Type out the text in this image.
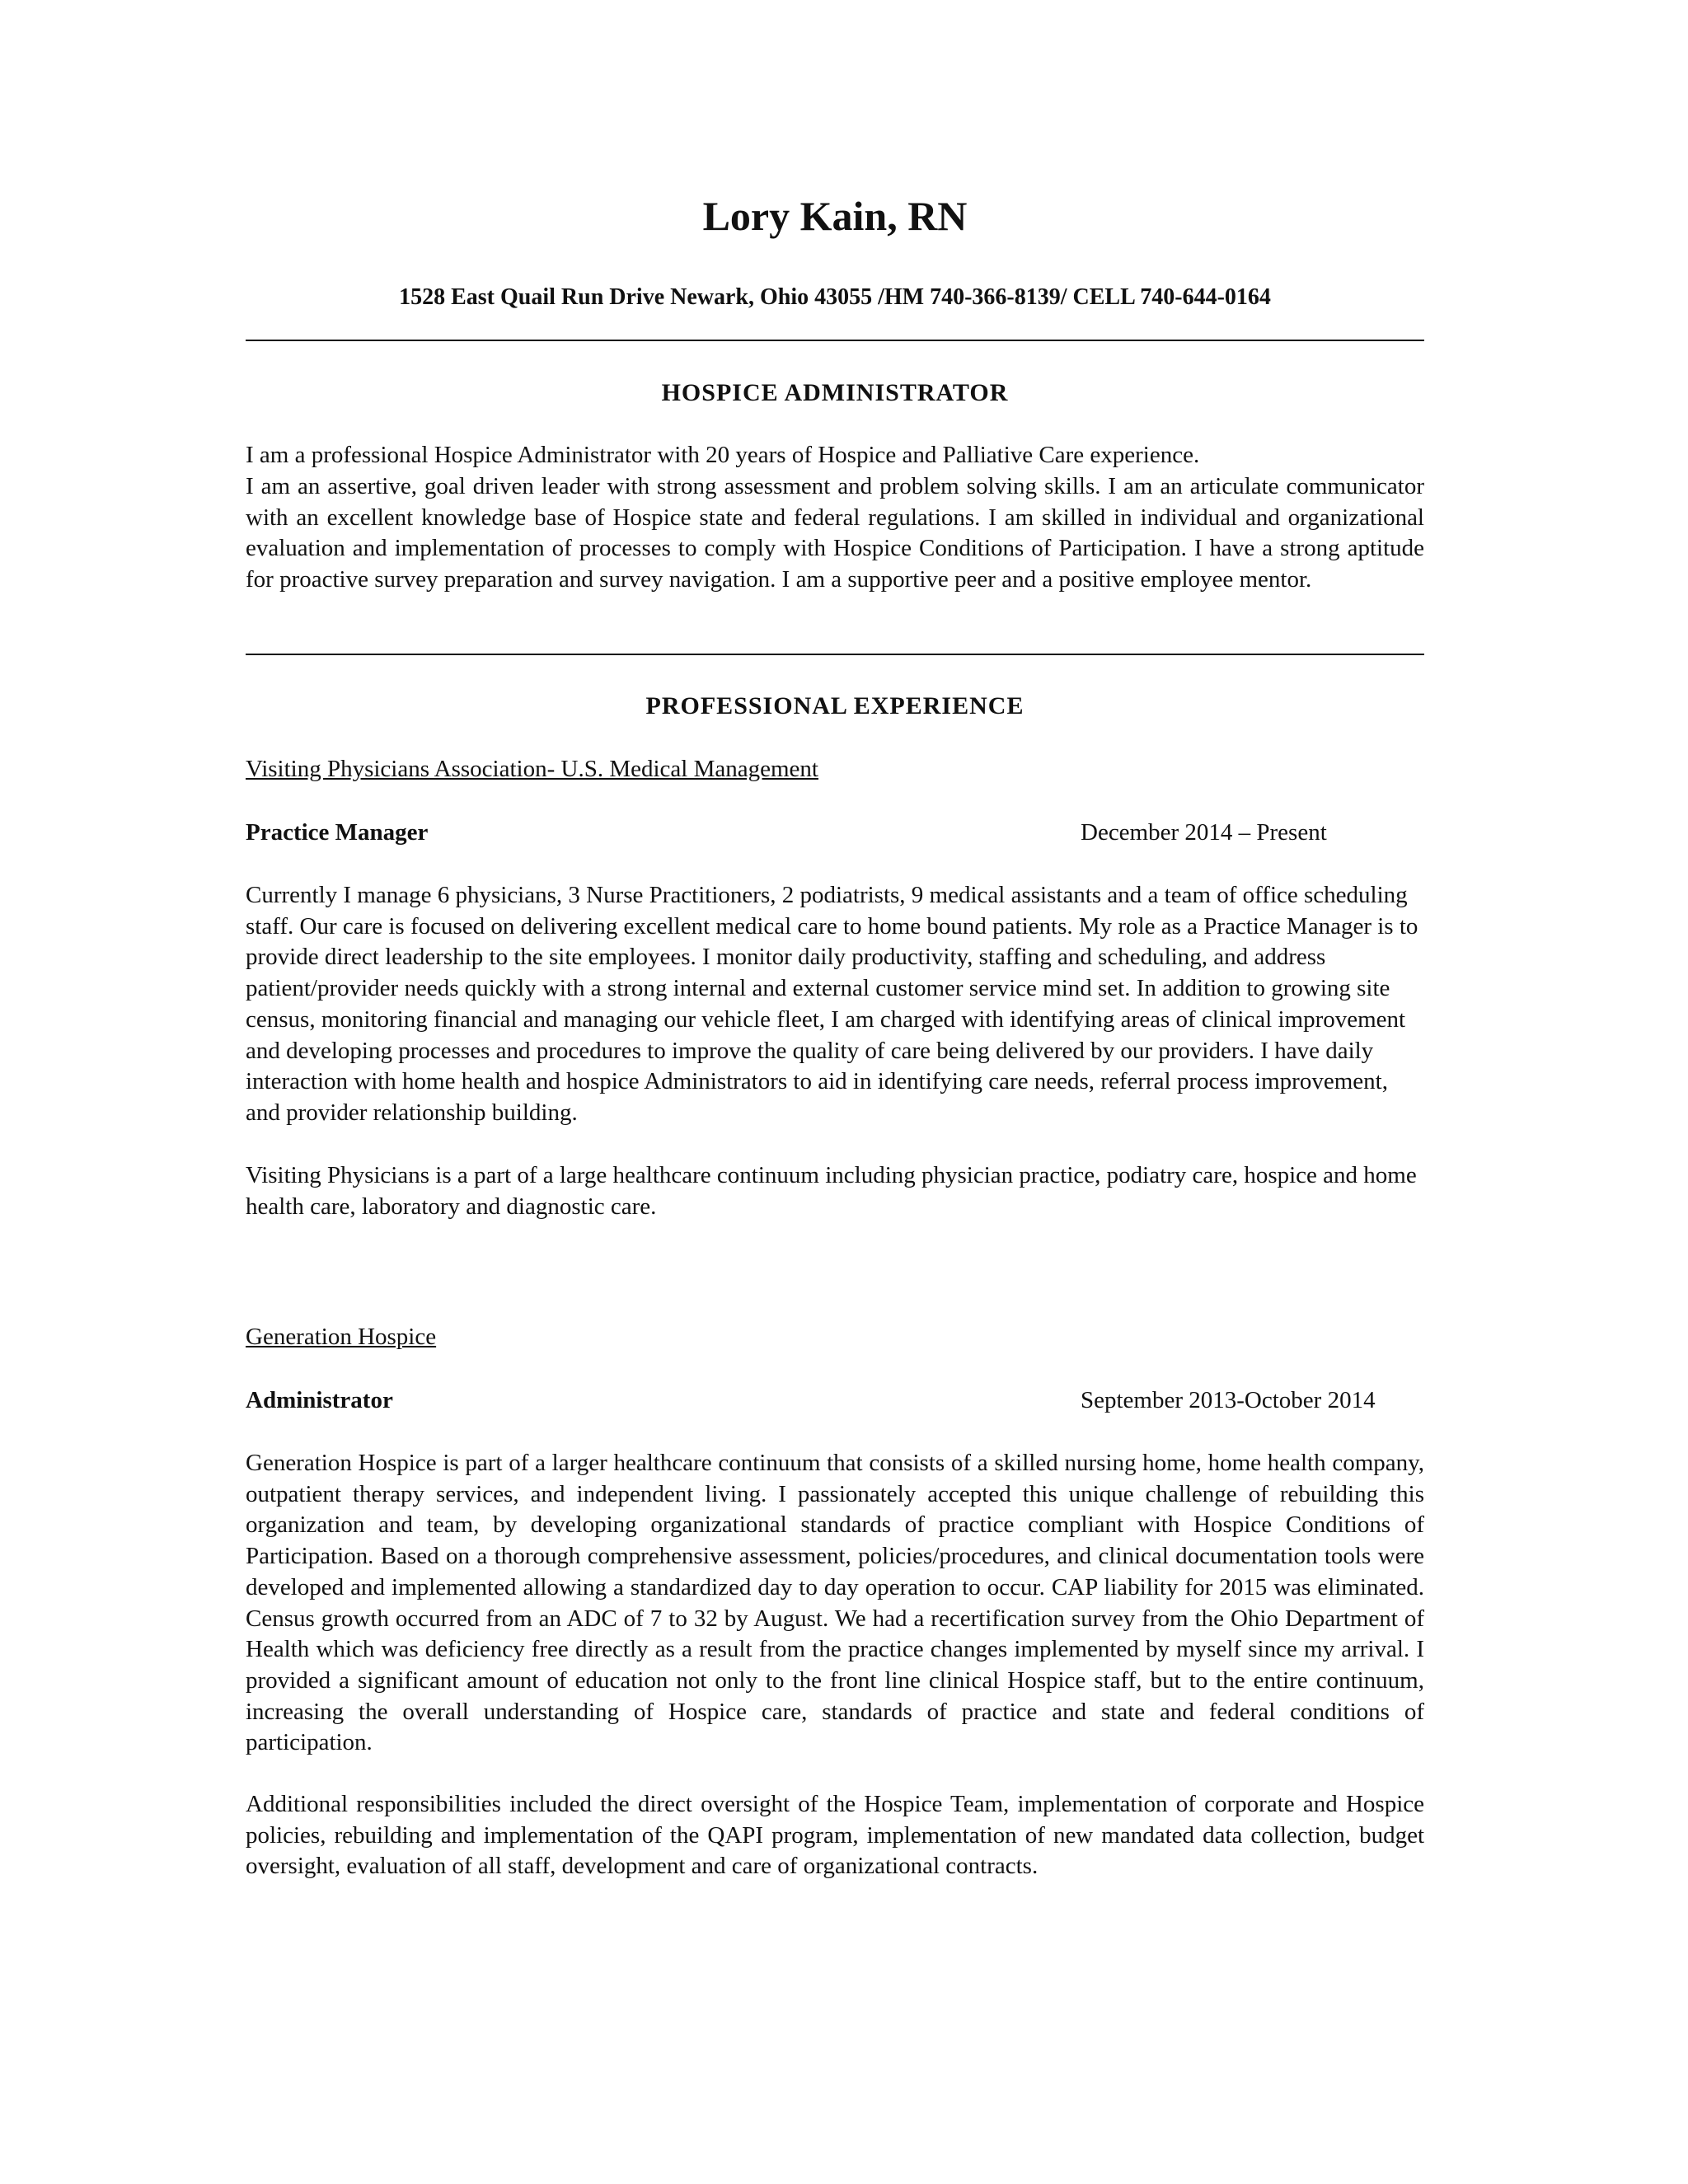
Lory Kain, RN

1528 East Quail Run Drive Newark, Ohio 43055 /HM 740-366-8139/ CELL 740-644-0164

HOSPICE ADMINISTRATOR

I am a professional Hospice Administrator with 20 years of Hospice and Palliative Care experience.

I am an assertive, goal driven leader with strong assessment and problem solving skills. I am an articulate communicator with an excellent knowledge base of Hospice state and federal regulations. I am skilled in individual and organizational evaluation and implementation of processes to comply with Hospice Conditions of Participation. I have a strong aptitude for proactive survey preparation and survey navigation. I am a supportive peer and a positive employee mentor.

PROFESSIONAL EXPERIENCE

Visiting Physicians Association- U.S. Medical Management

Practice Manager	December 2014 – Present

Currently I manage 6 physicians, 3 Nurse Practitioners, 2 podiatrists, 9 medical assistants and a team of office scheduling staff. Our care is focused on delivering excellent medical care to home bound patients. My role as a Practice Manager is to provide direct leadership to the site employees. I monitor daily productivity, staffing and scheduling, and address patient/provider needs quickly with a strong internal and external customer service mind set. In addition to growing site census, monitoring financial and managing our vehicle fleet, I am charged with identifying areas of clinical improvement and developing processes and procedures to improve the quality of care being delivered by our providers. I have daily interaction with home health and hospice Administrators to aid in identifying care needs, referral process improvement, and provider relationship building.

Visiting Physicians is a part of a large healthcare continuum including physician practice, podiatry care, hospice and home health care, laboratory and diagnostic care.

Generation Hospice

Administrator	September 2013-October 2014

Generation Hospice is part of a larger healthcare continuum that consists of a skilled nursing home, home health company, outpatient therapy services, and independent living. I passionately accepted this unique challenge of rebuilding this organization and team, by developing organizational standards of practice compliant with Hospice Conditions of Participation. Based on a thorough comprehensive assessment, policies/procedures, and clinical documentation tools were developed and implemented allowing a standardized day to day operation to occur. CAP liability for 2015 was eliminated. Census growth occurred from an ADC of 7 to 32 by August. We had a recertification survey from the Ohio Department of Health which was deficiency free directly as a result from the practice changes implemented by myself since my arrival. I provided a significant amount of education not only to the front line clinical Hospice staff, but to the entire continuum, increasing the overall understanding of Hospice care, standards of practice and state and federal conditions of participation.

Additional responsibilities included the direct oversight of the Hospice Team, implementation of corporate and Hospice policies, rebuilding and implementation of the QAPI program, implementation of new mandated data collection, budget oversight, evaluation of all staff, development and care of organizational contracts.
